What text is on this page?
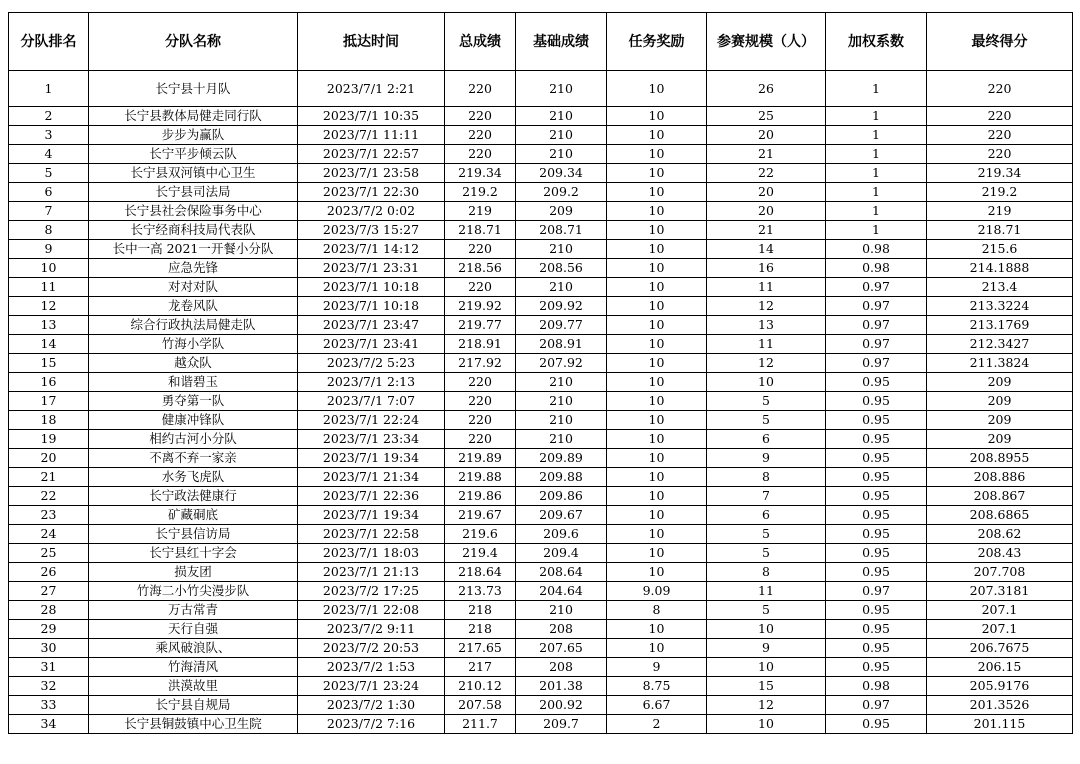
分队排名	分队名称	抵达时间	总成绩	基础成绩	任务奖励	参赛规模（人）	加权系数	最终得分
1	长宁县十月队	2023/7/1 2:21	220	210	10	26	1	220
2	长宁县教体局健走同行队	2023/7/1 10:35	220	210	10	25	1	220
3	步步为赢队	2023/7/1 11:11	220	210	10	20	1	220
4	长宁平步倾云队	2023/7/1 22:57	220	210	10	21	1	220
5	长宁县双河镇中心卫生	2023/7/1 23:58	219.34	209.34	10	22	1	219.34
6	长宁县司法局	2023/7/1 22:30	219.2	209.2	10	20	1	219.2
7	长宁县社会保险事务中心	2023/7/2 0:02	219	209	10	20	1	219
8	长宁经商科技局代表队	2023/7/3 15:27	218.71	208.71	10	21	1	218.71
9	长中一高 2021一开餐小分队	2023/7/1 14:12	220	210	10	14	0.98	215.6
10	应急先锋	2023/7/1 23:31	218.56	208.56	10	16	0.98	214.1888
11	对对对队	2023/7/1 10:18	220	210	10	11	0.97	213.4
12	龙卷风队	2023/7/1 10:18	219.92	209.92	10	12	0.97	213.3224
13	综合行政执法局健走队	2023/7/1 23:47	219.77	209.77	10	13	0.97	213.1769
14	竹海小学队	2023/7/1 23:41	218.91	208.91	10	11	0.97	212.3427
15	越众队	2023/7/2 5:23	217.92	207.92	10	12	0.97	211.3824
16	和谐碧玉	2023/7/1 2:13	220	210	10	10	0.95	209
17	勇夺第一队	2023/7/1 7:07	220	210	10	5	0.95	209
18	健康冲锋队	2023/7/1 22:24	220	210	10	5	0.95	209
19	相约古河小分队	2023/7/1 23:34	220	210	10	6	0.95	209
20	不离不弃一家亲	2023/7/1 19:34	219.89	209.89	10	9	0.95	208.8955
21	水务飞虎队	2023/7/1 21:34	219.88	209.88	10	8	0.95	208.886
22	长宁政法健康行	2023/7/1 22:36	219.86	209.86	10	7	0.95	208.867
23	矿藏硐底	2023/7/1 19:34	219.67	209.67	10	6	0.95	208.6865
24	长宁县信访局	2023/7/1 22:58	219.6	209.6	10	5	0.95	208.62
25	长宁县红十字会	2023/7/1 18:03	219.4	209.4	10	5	0.95	208.43
26	损友团	2023/7/1 21:13	218.64	208.64	10	8	0.95	207.708
27	竹海二小竹尖漫步队	2023/7/2 17:25	213.73	204.64	9.09	11	0.97	207.3181
28	万古常青	2023/7/1 22:08	218	210	8	5	0.95	207.1
29	天行自强	2023/7/2 9:11	218	208	10	10	0.95	207.1
30	乘风破浪队、	2023/7/2 20:53	217.65	207.65	10	9	0.95	206.7675
31	竹海清风	2023/7/2 1:53	217	208	9	10	0.95	206.15
32	洪漠故里	2023/7/1 23:24	210.12	201.38	8.75	15	0.98	205.9176
33	长宁县自规局	2023/7/2 1:30	207.58	200.92	6.67	12	0.97	201.3526
34	长宁县铜鼓镇中心卫生院	2023/7/2 7:16	211.7	209.7	2	10	0.95	201.115
